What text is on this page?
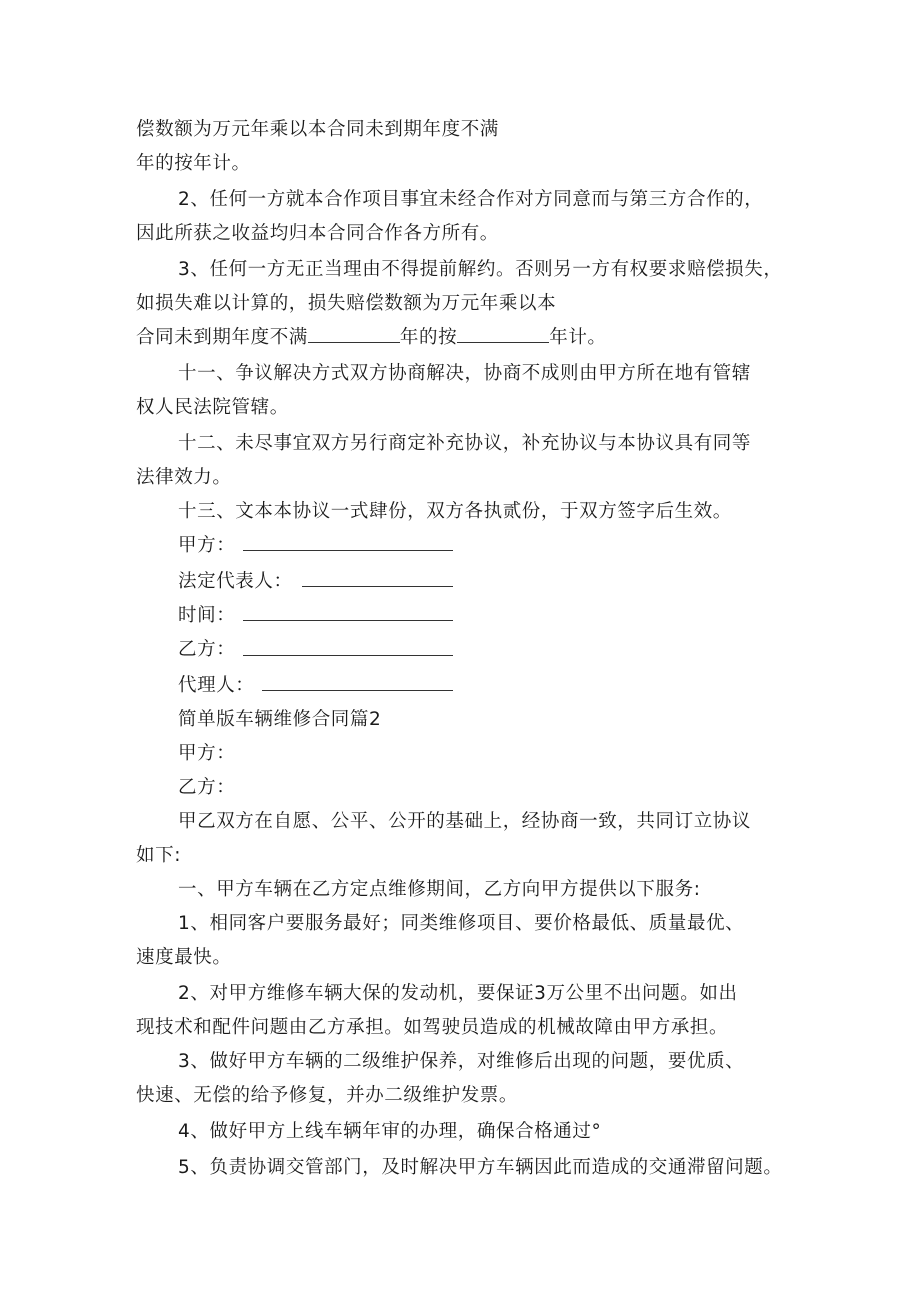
偿数额为万元年乘以本合同未到期年度不满
年的按年计。
2、任何一方就本合作项目事宜未经合作对方同意而与第三方合作的，
因此所获之收益均归本合同合作各方所有。
3、任何一方无正当理由不得提前解约。否则另一方有权要求赔偿损失，
如损失难以计算的，损失赔偿数额为万元年乘以本
合同未到期年度不满	年的按	年计。
十一、争议解决方式双方协商解决，协商不成则由甲方所在地有管辖
权人民法院管辖。
十二、未尽事宜双方另行商定补充协议，补充协议与本协议具有同等
法律效力。
十三、文本本协议一式肆份，双方各执贰份，于双方签字后生效。
甲方：
法定代表人：
时间：
乙方：
代理人：
简单版车辆维修合同篇2
甲方：
乙方：
甲乙双方在自愿、公平、公开的基础上，经协商一致，共同订立协议
如下:
一、甲方车辆在乙方定点维修期间，乙方向甲方提供以下服务:
1、相同客户要服务最好；同类维修项目、要价格最低、质量最优、
速度最快。
2、对甲方维修车辆大保的发动机，要保证3万公里不出问题。如出
现技术和配件问题由乙方承担。如驾驶员造成的机械故障由甲方承担。
3、做好甲方车辆的二级维护保养，对维修后出现的问题，要优质、
快速、无偿的给予修复，并办二级维护发票。
4、做好甲方上线车辆年审的办理，确保合格通过°
5、负责协调交管部门，及时解决甲方车辆因此而造成的交通滞留问题。
